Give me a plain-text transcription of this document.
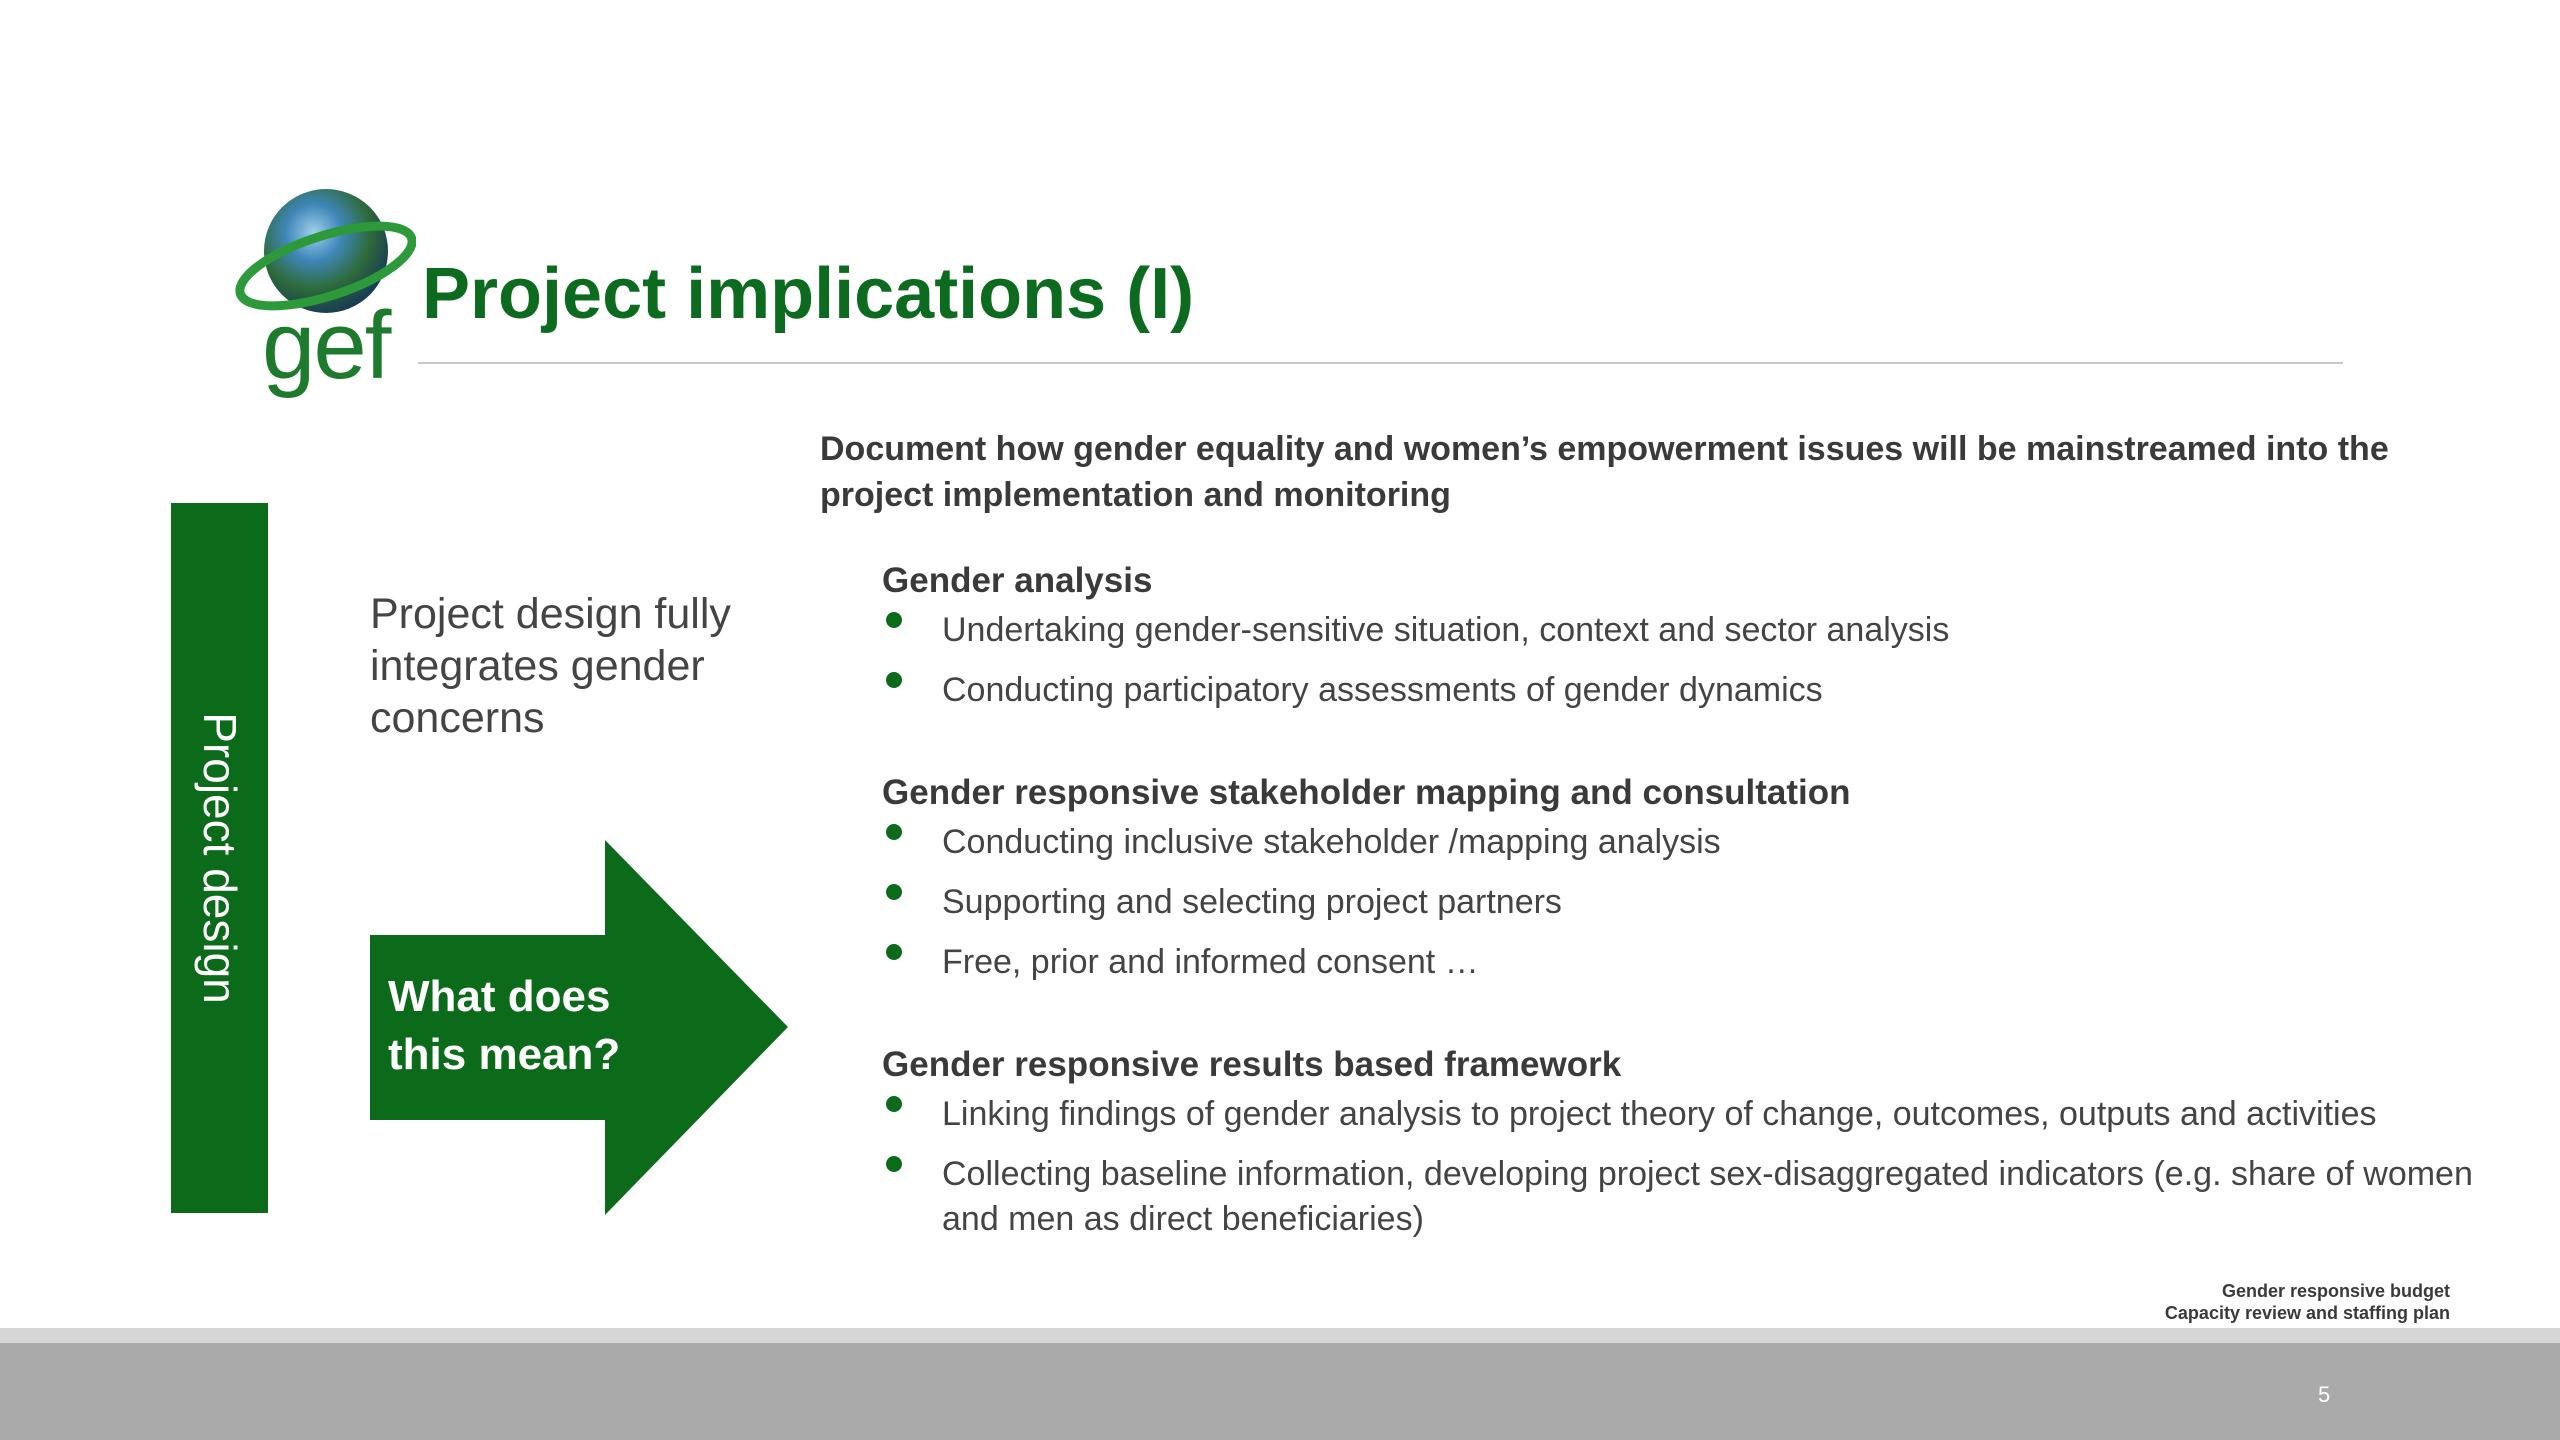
gef Project implications (I)
Project design
Project design fully integrates gender concerns
What does this mean?
Document how gender equality and women’s empowerment issues will be mainstreamed into the project implementation and monitoring
Gender analysis
Undertaking gender-sensitive situation, context and sector analysis
Conducting participatory assessments of gender dynamics
Gender responsive stakeholder mapping and consultation
Conducting inclusive stakeholder /mapping analysis
Supporting and selecting project partners
Free, prior and informed consent …
Gender responsive results based framework
Linking findings of gender analysis to project theory of change, outcomes, outputs and activities
Collecting baseline information, developing project sex-disaggregated indicators (e.g. share of women and men as direct beneficiaries)
Gender responsive budget
Capacity review and staffing plan
5
